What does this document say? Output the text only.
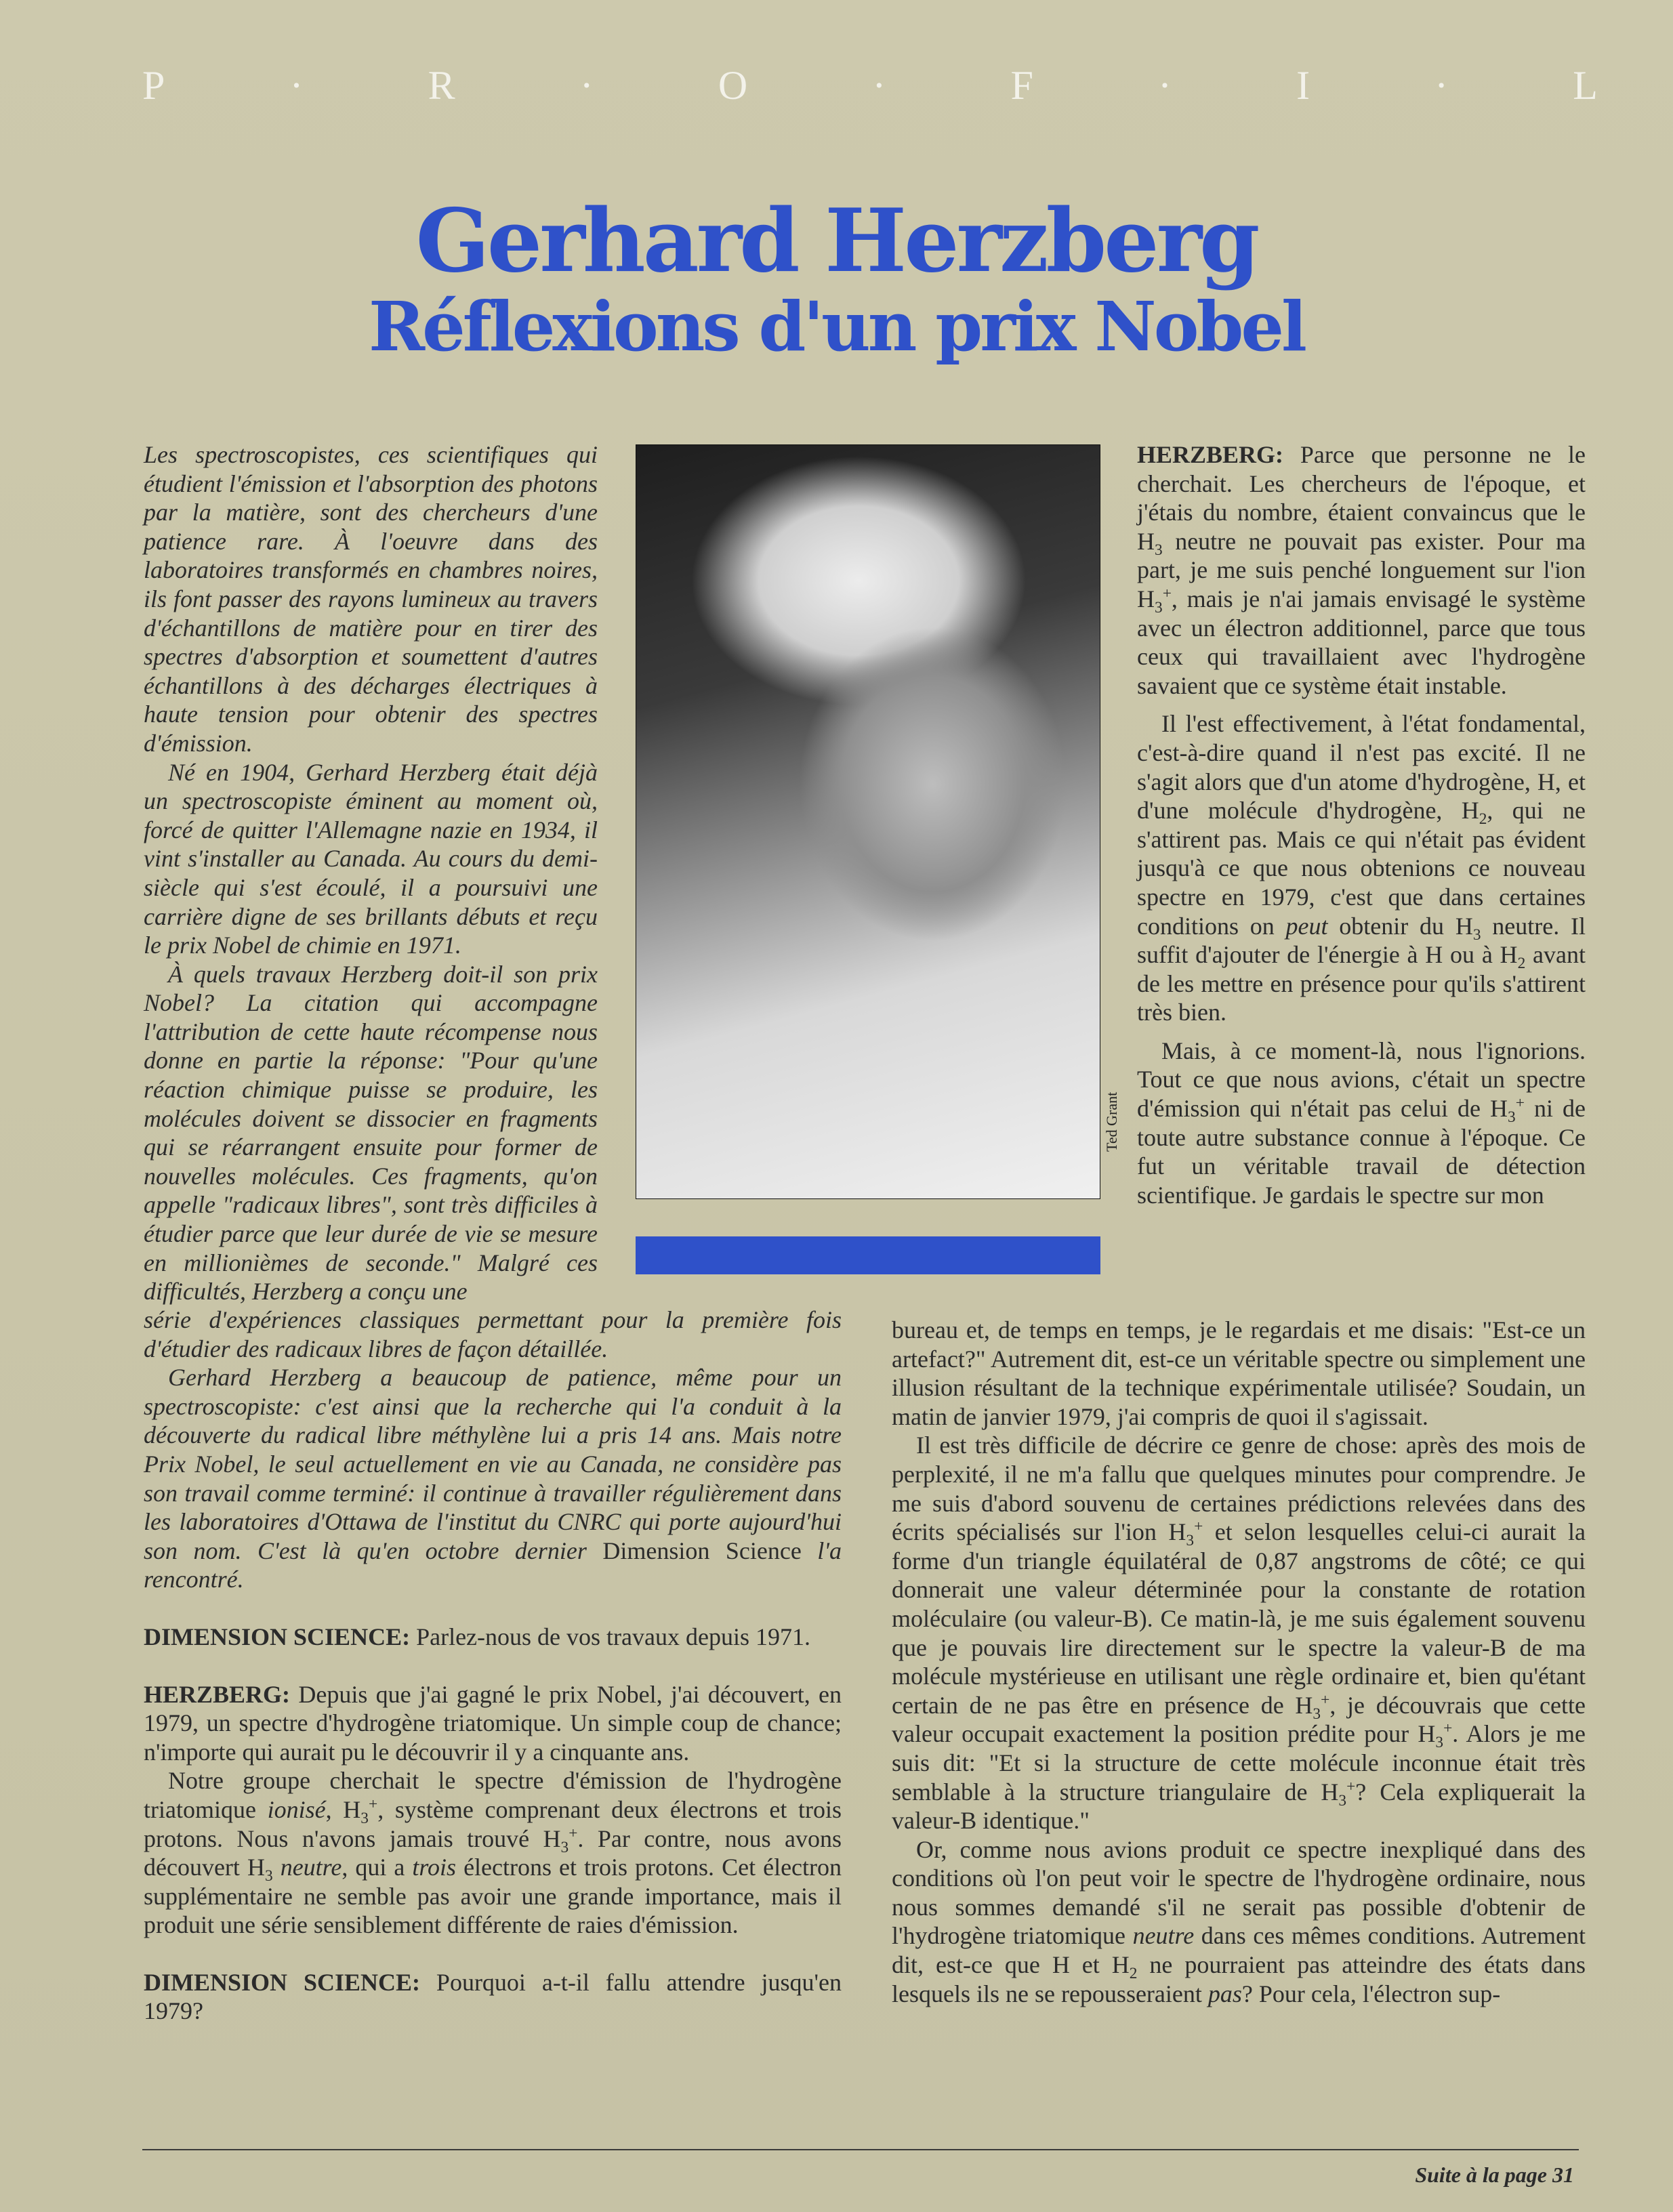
P	·	R	·	O	·	F	·	I	·	L
Gerhard Herzberg
Réflexions d'un prix Nobel
Ted Grant

Les spectroscopistes, ces scientifiques qui étudient l'émission et l'absorption des photons par la matière, sont des chercheurs d'une patience rare. À l'oeuvre dans des laboratoires transformés en chambres noires, ils font passer des rayons lumineux au travers d'échantillons de matière pour en tirer des spectres d'absorption et soumettent d'autres échantillons à des décharges électriques à haute tension pour obtenir des spectres d'émission.

Né en 1904, Gerhard Herzberg était déjà un spectroscopiste éminent au moment où, forcé de quitter l'Allemagne nazie en 1934, il vint s'installer au Canada. Au cours du demi-siècle qui s'est écoulé, il a poursuivi une carrière digne de ses brillants débuts et reçu le prix Nobel de chimie en 1971.

À quels travaux Herzberg doit-il son prix Nobel? La citation qui accompagne l'attribution de cette haute récompense nous donne en partie la réponse: "Pour qu'une réaction chimique puisse se produire, les molécules doivent se dissocier en fragments qui se réarrangent ensuite pour former de nouvelles molécules. Ces fragments, qu'on appelle "radicaux libres", sont très difficiles à étudier parce que leur durée de vie se mesure en millionièmes de seconde." Malgré ces difficultés, Herzberg a conçu une

série d'expériences classiques permettant pour la première fois d'étudier des radicaux libres de façon détaillée.

Gerhard Herzberg a beaucoup de patience, même pour un spectroscopiste: c'est ainsi que la recherche qui l'a conduit à la découverte du radical libre méthylène lui a pris 14 ans. Mais notre Prix Nobel, le seul actuellement en vie au Canada, ne considère pas son travail comme terminé: il continue à travailler régulièrement dans les laboratoires d'Ottawa de l'institut du CNRC qui porte aujourd'hui son nom. C'est là qu'en octobre dernier Dimension Science l'a rencontré.

DIMENSION SCIENCE: Parlez-nous de vos travaux depuis 1971.

HERZBERG: Depuis que j'ai gagné le prix Nobel, j'ai découvert, en 1979, un spectre d'hydrogène triatomique. Un simple coup de chance; n'importe qui aurait pu le découvrir il y a cinquante ans.

Notre groupe cherchait le spectre d'émission de l'hydrogène triatomique ionisé, $H_3^+$, système comprenant deux électrons et trois protons. Nous n'avons jamais trouvé $H_3^+$. Par contre, nous avons découvert $H_3$ neutre, qui a trois électrons et trois protons. Cet électron supplémentaire ne semble pas avoir une grande importance, mais il produit une série sensiblement différente de raies d'émission.

DIMENSION SCIENCE: Pourquoi a-t-il fallu attendre jusqu'en 1979?

HERZBERG: Parce que personne ne le cherchait. Les chercheurs de l'époque, et j'étais du nombre, étaient convaincus que le $H_3$ neutre ne pouvait pas exister. Pour ma part, je me suis penché longuement sur l'ion $H_3^+$, mais je n'ai jamais envisagé le système avec un électron additionnel, parce que tous ceux qui travaillaient avec l'hydrogène savaient que ce système était instable.

Il l'est effectivement, à l'état fondamental, c'est-à-dire quand il n'est pas excité. Il ne s'agit alors que d'un atome d'hydrogène, H, et d'une molécule d'hydrogène, $H_2$, qui ne s'attirent pas. Mais ce qui n'était pas évident jusqu'à ce que nous obtenions ce nouveau spectre en 1979, c'est que dans certaines conditions on peut obtenir du $H_3$ neutre. Il suffit d'ajouter de l'énergie à H ou à $H_2$ avant de les mettre en présence pour qu'ils s'attirent très bien.

Mais, à ce moment-là, nous l'ignorions. Tout ce que nous avions, c'était un spectre d'émission qui n'était pas celui de $H_3^+$ ni de toute autre substance connue à l'époque. Ce fut un véritable travail de détection scientifique. Je gardais le spectre sur mon

bureau et, de temps en temps, je le regardais et me disais: "Est-ce un artefact?" Autrement dit, est-ce un véritable spectre ou simplement une illusion résultant de la technique expérimentale utilisée? Soudain, un matin de janvier 1979, j'ai compris de quoi il s'agissait.

Il est très difficile de décrire ce genre de chose: après des mois de perplexité, il ne m'a fallu que quelques minutes pour comprendre. Je me suis d'abord souvenu de certaines prédictions relevées dans des écrits spécialisés sur l'ion $H_3^+$ et selon lesquelles celui-ci aurait la forme d'un triangle équilatéral de 0,87 angstroms de côté; ce qui donnerait une valeur déterminée pour la constante de rotation moléculaire (ou valeur-B). Ce matin-là, je me suis également souvenu que je pouvais lire directement sur le spectre la valeur-B de ma molécule mystérieuse en utilisant une règle ordinaire et, bien qu'étant certain de ne pas être en présence de $H_3^+$, je découvrais que cette valeur occupait exactement la position prédite pour $H_3^+$. Alors je me suis dit: "Et si la structure de cette molécule inconnue était très semblable à la structure triangulaire de $H_3^+$? Cela expliquerait la valeur-B identique."

Or, comme nous avions produit ce spectre inexpliqué dans des conditions où l'on peut voir le spectre de l'hydrogène ordinaire, nous nous sommes demandé s'il ne serait pas possible d'obtenir de l'hydrogène triatomique neutre dans ces mêmes conditions. Autrement dit, est-ce que H et $H_2$ ne pourraient pas atteindre des états dans lesquels ils ne se repousseraient pas? Pour cela, l'électron sup-

Suite à la page 31
